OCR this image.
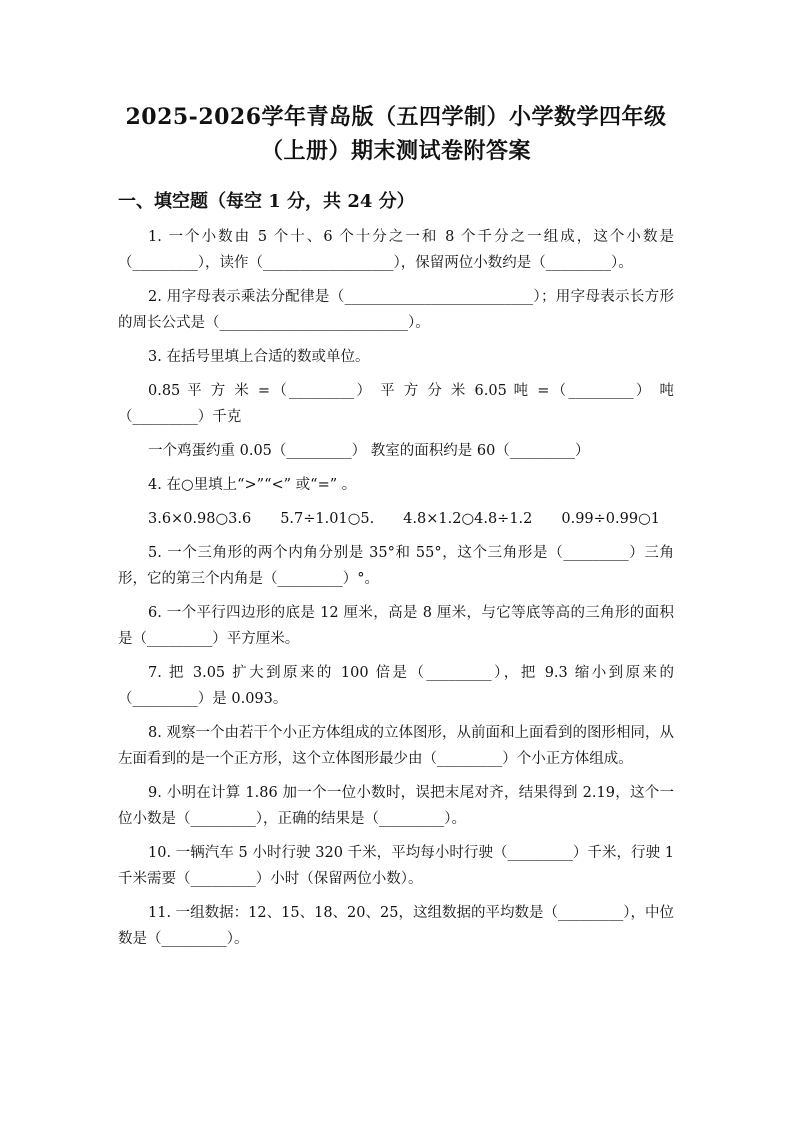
2025-2026学年青岛版（五四学制）小学数学四年级
（上册）期末测试卷附答案
一、填空题（每空 1 分，共 24 分）

1. 一个小数由 5 个十、6 个十分之一和 8 个千分之一组成，这个小数是（_________），读作（__________________），保留两位小数约是（_________）。

2. 用字母表示乘法分配律是（__________________________）；用字母表示长方形的周长公式是（__________________________）。

3. 在括号里填上合适的数或单位。

0.85 平 方 米 =（_________） 平 方 分 米 6.05 吨 =（_________） 吨 （_________）千克

一个鸡蛋约重 0.05（_________） 教室的面积约是 60（_________）

4. 在○里填上“>”“<” 或“=” 。

3.6×0.98○3.6　　5.7÷1.01○5.　　4.8×1.2○4.8÷1.2　　0.99÷0.99○1

5. 一个三角形的两个内角分别是 35°和 55°，这个三角形是（_________）三角形，它的第三个内角是（_________）°。

6. 一个平行四边形的底是 12 厘米，高是 8 厘米，与它等底等高的三角形的面积是（_________）平方厘米。

7. 把 3.05 扩大到原来的 100 倍是（_________），把 9.3 缩小到原来的（_________）是 0.093。

8. 观察一个由若干个小正方体组成的立体图形，从前面和上面看到的图形相同，从左面看到的是一个正方形，这个立体图形最少由（_________）个小正方体组成。

9. 小明在计算 1.86 加一个一位小数时，误把末尾对齐，结果得到 2.19，这个一位小数是（_________），正确的结果是（_________）。

10. 一辆汽车 5 小时行驶 320 千米，平均每小时行驶（_________）千米，行驶 1 千米需要（_________）小时（保留两位小数）。

11. 一组数据：12、15、18、20、25，这组数据的平均数是（_________），中位数是（_________）。
